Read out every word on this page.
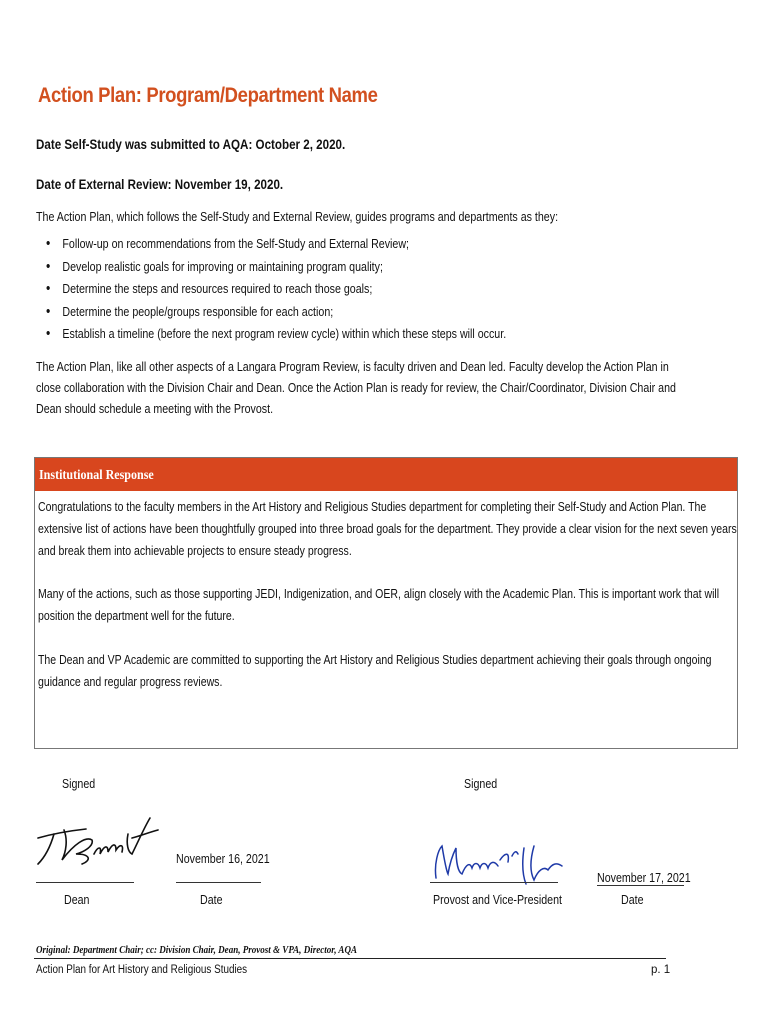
Action Plan: Program/Department Name
Date Self-Study was submitted to AQA: October 2, 2020.
Date of External Review: November 19, 2020.
The Action Plan, which follows the Self-Study and External Review, guides programs and departments as they:
• Follow-up on recommendations from the Self-Study and External Review;
• Develop realistic goals for improving or maintaining program quality;
• Determine the steps and resources required to reach those goals;
• Determine the people/groups responsible for each action;
• Establish a timeline (before the next program review cycle) within which these steps will occur.
The Action Plan, like all other aspects of a Langara Program Review, is faculty driven and Dean led. Faculty develop the Action Plan in
close collaboration with the Division Chair and Dean. Once the Action Plan is ready for review, the Chair/Coordinator, Division Chair and
Dean should schedule a meeting with the Provost.
Institutional Response
Congratulations to the faculty members in the Art History and Religious Studies department for completing their Self-Study and Action Plan. The
extensive list of actions have been thoughtfully grouped into three broad goals for the department. They provide a clear vision for the next seven years
and break them into achievable projects to ensure steady progress.
Many of the actions, such as those supporting JEDI, Indigenization, and OER, align closely with the Academic Plan. This is important work that will
position the department well for the future.
The Dean and VP Academic are committed to supporting the Art History and Religious Studies department achieving their goals through ongoing
guidance and regular progress reviews.
Signed
Dean
November 16, 2021
Date
Signed
Provost and Vice-President
November 17, 2021
Date
Original: Department Chair; cc: Division Chair, Dean, Provost & VPA, Director, AQA
Action Plan for Art History and Religious Studies	p. 1
